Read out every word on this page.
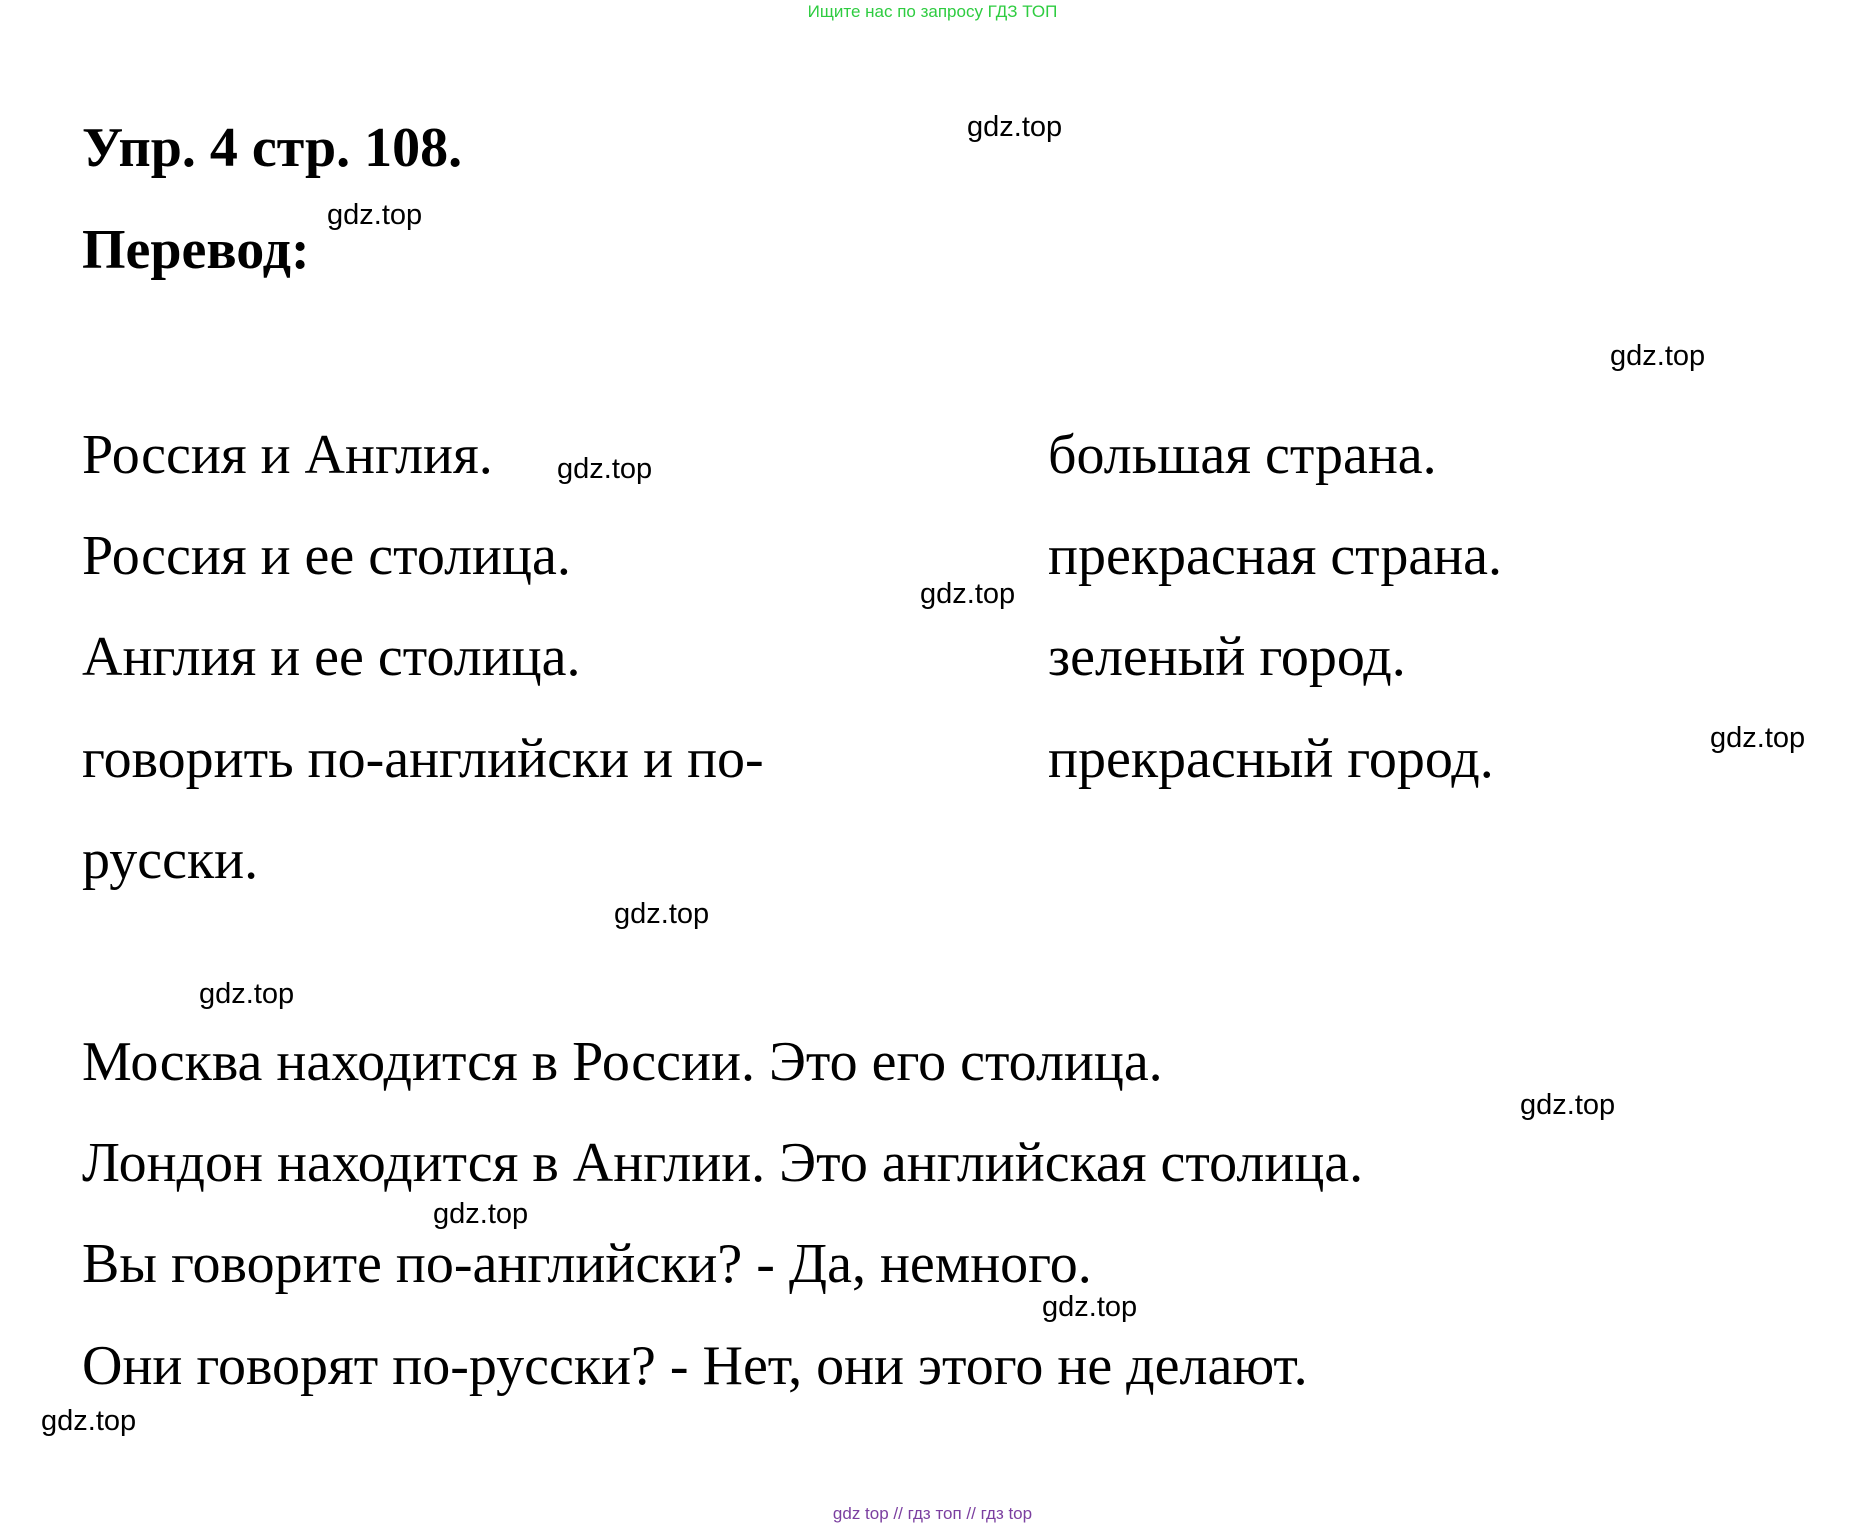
Ищите нас по запросу ГДЗ ТОП
Упр. 4 стр. 108.
Перевод:
Россия и Англия.
Россия и ее столица.
Англия и ее столица.
говорить по-английски и по-
русски.
большая страна.
прекрасная страна.
зеленый город.
прекрасный город.
Москва находится в России. Это его столица.
Лондон находится в Англии. Это английская столица.
Вы говорите по-английски? - Да, немного.
Они говорят по-русски? - Нет, они этого не делают.
gdz.top
gdz.top
gdz.top
gdz.top
gdz.top
gdz.top
gdz.top
gdz.top
gdz.top
gdz.top
gdz.top
gdz.top
gdz top // гдз топ // гдз top
